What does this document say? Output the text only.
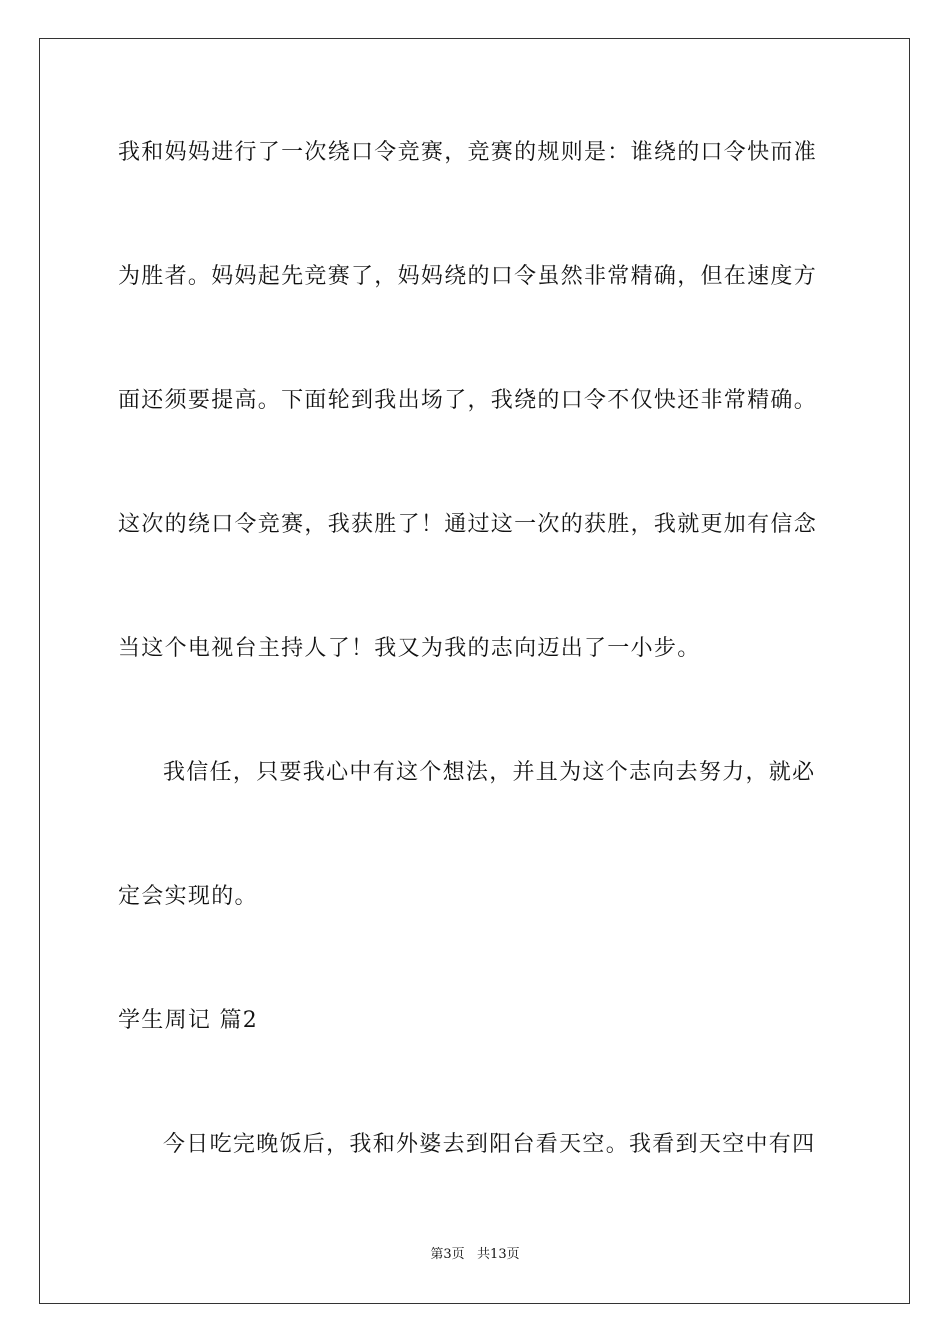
我和妈妈进行了一次绕口令竞赛，竞赛的规则是：谁绕的口令快而准
为胜者。妈妈起先竞赛了，妈妈绕的口令虽然非常精确，但在速度方
面还须要提高。下面轮到我出场了，我绕的口令不仅快还非常精确。
这次的绕口令竞赛，我获胜了！通过这一次的获胜，我就更加有信念
当这个电视台主持人了！我又为我的志向迈出了一小步。
我信任，只要我心中有这个想法，并且为这个志向去努力，就必
定会实现的。
学生周记 篇2
今日吃完晚饭后，我和外婆去到阳台看天空。我看到天空中有四
第3页   共13页
